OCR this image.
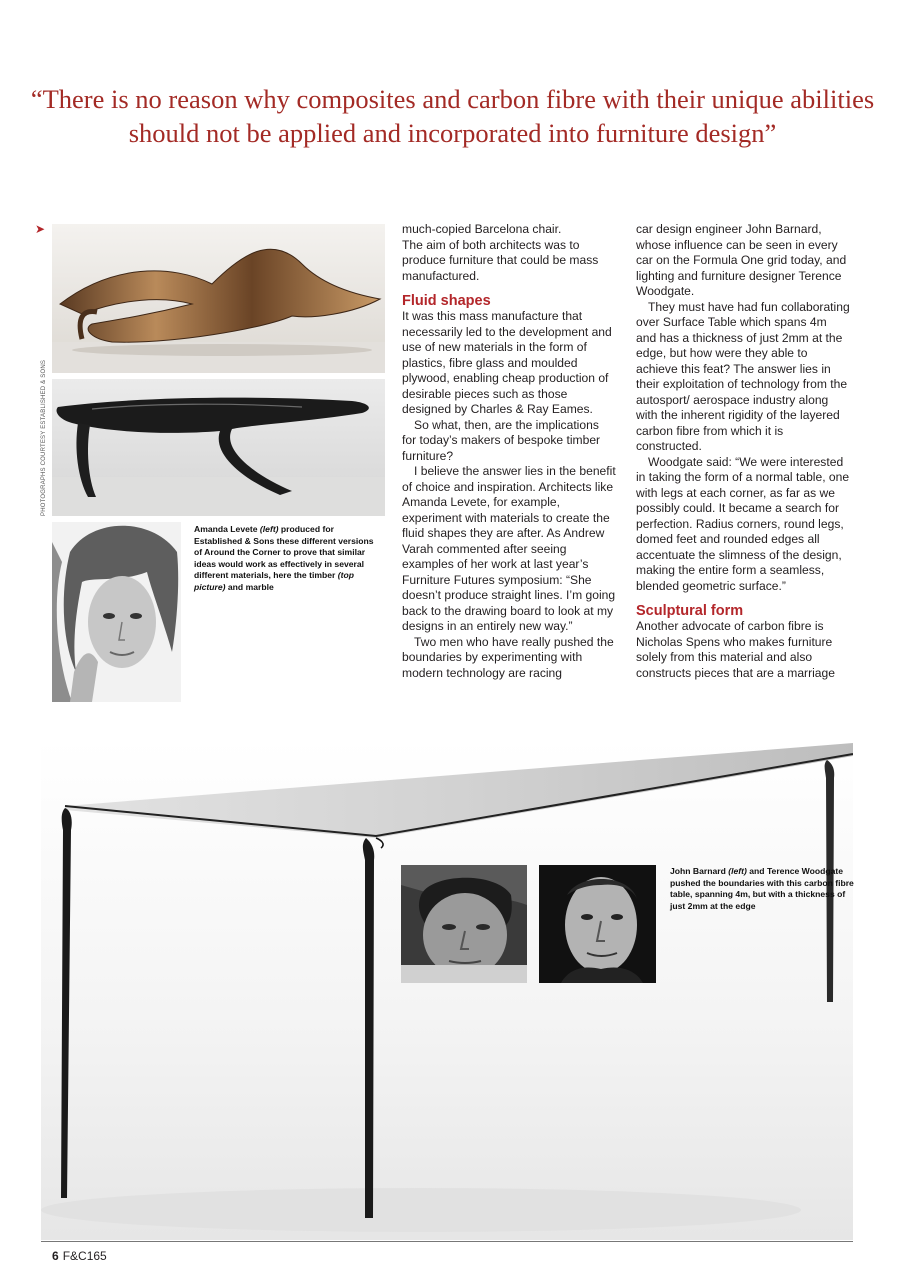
“There is no reason why composites and carbon fibre with their unique abilities should not be applied and incorporated into furniture design”
➤
PHOTOGRAPHS COURTESY ESTABLISHED & SONS
Amanda Levete (left) produced for Established & Sons these different versions of Around the Corner to prove that similar ideas would work as effectively in several different materials, here the timber (top picture) and marble

much-copied Barcelona chair.

The aim of both architects was to produce furniture that could be mass manufactured.

Fluid shapes

It was this mass manufacture that necessarily led to the development and use of new materials in the form of plastics, fibre glass and moulded plywood, enabling cheap production of desirable pieces such as those designed by Charles & Ray Eames.

So what, then, are the implications for today’s makers of bespoke timber furniture?

I believe the answer lies in the benefit of choice and inspiration. Architects like Amanda Levete, for example, experiment with materials to create the fluid shapes they are after. As Andrew Varah commented after seeing examples of her work at last year’s Furniture Futures symposium: “She doesn’t produce straight lines. I’m going back to the drawing board to look at my designs in an entirely new way.”

Two men who have really pushed the boundaries by experimenting with modern technology are racing

car design engineer John Barnard, whose influence can be seen in every car on the Formula One grid today, and lighting and furniture designer Terence Woodgate.

They must have had fun collaborating over Surface Table which spans 4m and has a thickness of just 2mm at the edge, but how were they able to achieve this feat? The answer lies in their exploitation of technology from the autosport/ aerospace industry along with the inherent rigidity of the layered carbon fibre from which it is constructed.

Woodgate said: “We were interested in taking the form of a normal table, one with legs at each corner, as far as we possibly could. It became a search for perfection. Radius corners, round legs, domed feet and rounded edges all accentuate the slimness of the design, making the entire form a seamless, blended geometric surface.”

Sculptural form

Another advocate of carbon fibre is Nicholas Spens who makes furniture solely from this material and also constructs pieces that are a marriage

John Barnard (left) and Terence Woodgate pushed the boundaries with this carbon fibre table, spanning 4m, but with a thickness of just 2mm at the edge
6 F&C165
